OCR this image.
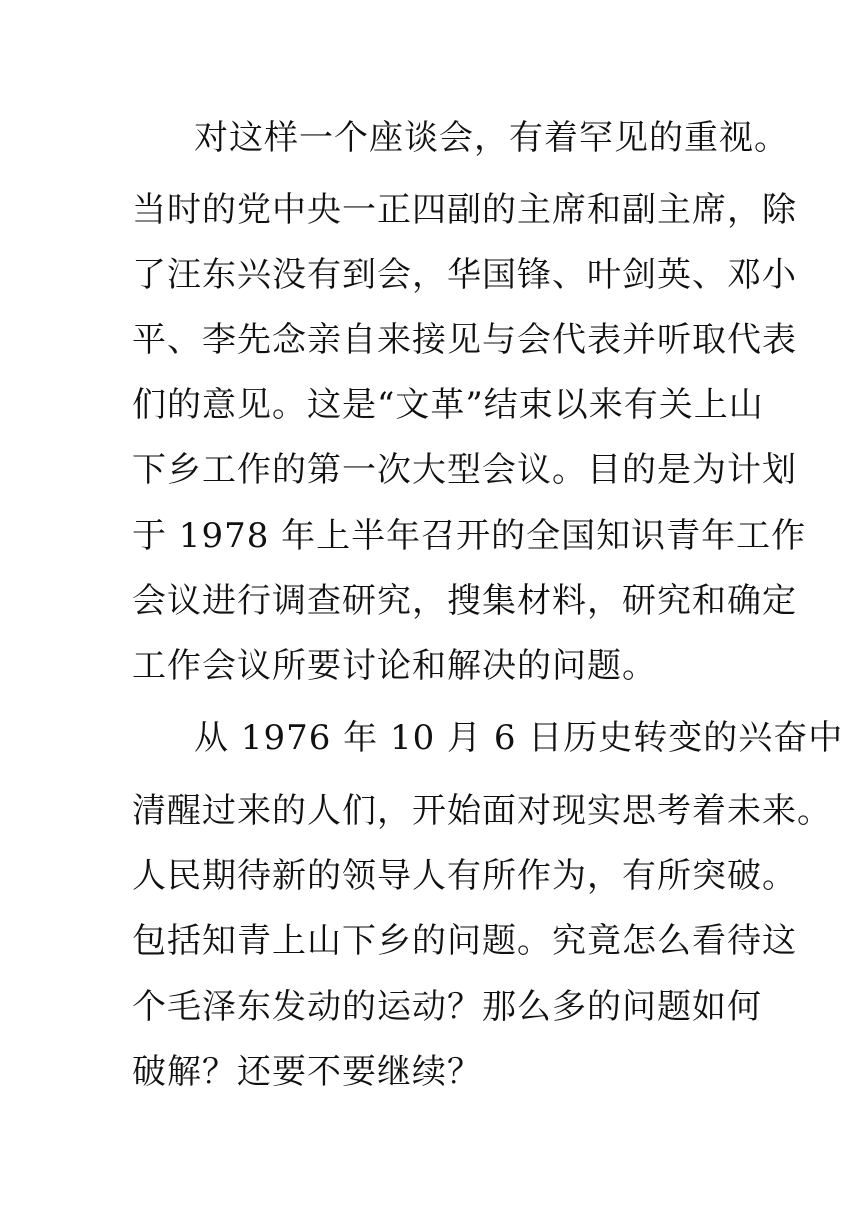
对这样一个座谈会，有着罕见的重视。
当时的党中央一正四副的主席和副主席，除
了汪东兴没有到会，华国锋、叶剑英、邓小
平、李先念亲自来接见与会代表并听取代表
们的意见。这是“文革”结束以来有关上山
下乡工作的第一次大型会议。目的是为计划
于 1978 年上半年召开的全国知识青年工作
会议进行调查研究，搜集材料，研究和确定
工作会议所要讨论和解决的问题。
从 1976 年 10 月 6 日历史转变的兴奋中
清醒过来的人们，开始面对现实思考着未来。
人民期待新的领导人有所作为，有所突破。
包括知青上山下乡的问题。究竟怎么看待这
个毛泽东发动的运动？那么多的问题如何
破解？还要不要继续？
